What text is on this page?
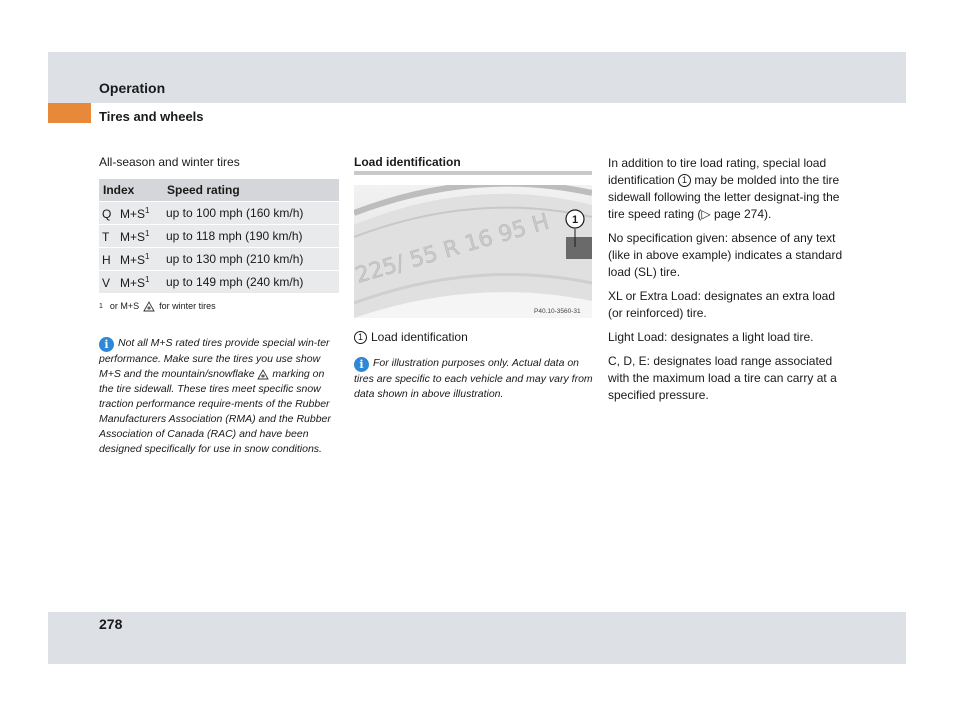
Operation
Tires and wheels

All-season and winter tires

Index	Speed rating
Q $M+S^1$	up to 100 mph (160 km/h)
T $M+S^1$	up to 118 mph (190 km/h)
H $M+S^1$	up to 130 mph (210 km/h)
V $M+S^1$	up to 149 mph (240 km/h)
1 or M+S for winter tires
i Not all M+S rated tires provide special win-ter performance. Make sure the tires you use show M+S and the mountain/snowflake marking on the tire sidewall. These tires meet specific snow traction performance require-ments of the Rubber Manufacturers Association (RMA) and the Rubber Association of Canada (RAC) and have been designed specifically for use in snow conditions.
Load identification
225/ 55 R 16 95 H 1
P40.10-3560-31
1 Load identification
i For illustration purposes only. Actual data on tires are specific to each vehicle and may vary from data shown in above illustration.

In addition to tire load rating, special load identification 1 may be molded into the tire sidewall following the letter designat-ing the tire speed rating (▷ page 274).

No specification given: absence of any text (like in above example) indicates a standard load (SL) tire.

XL or Extra Load: designates an extra load (or reinforced) tire.

Light Load: designates a light load tire.

C, D, E: designates load range associated with the maximum load a tire can carry at a specified pressure.

278
